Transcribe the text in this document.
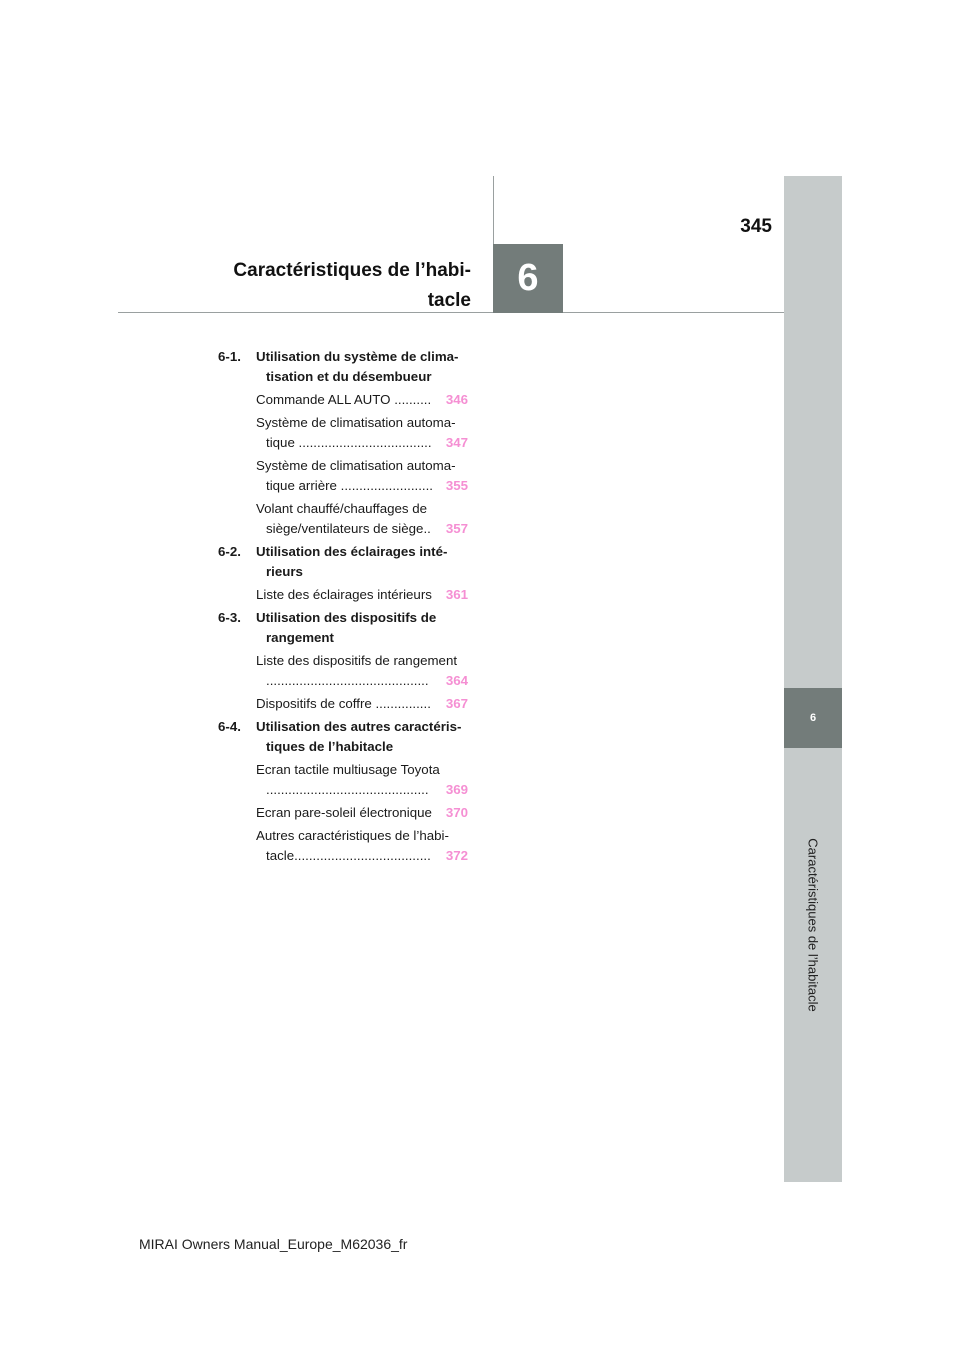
6
Caractéristiques de l’habitacle
6
345
Caractéristiques de l’habi-
tacle
6-1.	Utilisation du système de clima-
tisation et du désembueur
Commande ALL AUTO ..........	346
Système de climatisation automa-
tique ....................................	347
Système de climatisation automa-
tique arrière ......................... 355
Volant chauffé/chauffages de
siège/ventilateurs de siège..	357
6-2.	Utilisation des éclairages inté-
rieurs
Liste des éclairages intérieurs	361
6-3.	Utilisation des dispositifs de
rangement
Liste des dispositifs de rangement
............................................	364
Dispositifs de coffre ...............	367
6-4.	Utilisation des autres caractéris-
tiques de l’habitacle
Ecran tactile multiusage Toyota
............................................	369
Ecran pare-soleil électronique	370
Autres caractéristiques de l’habi-
tacle.....................................	372
MIRAI Owners Manual_Europe_M62036_fr
